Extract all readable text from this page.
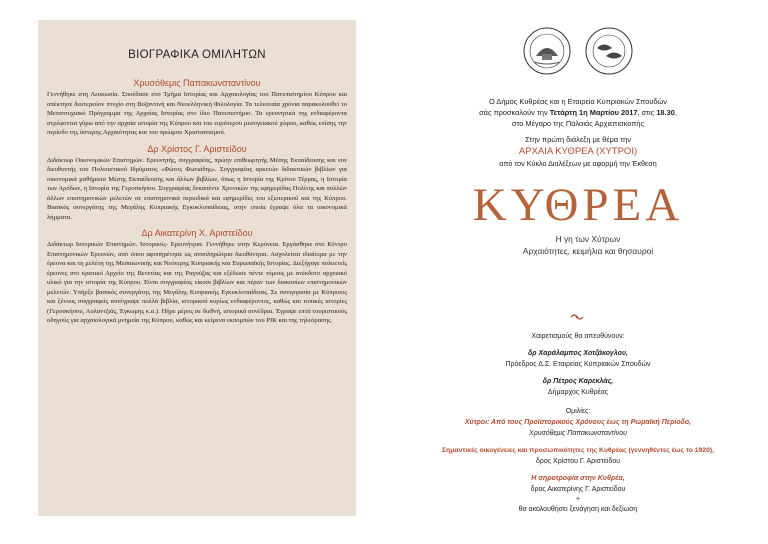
ΒΙΟΓΡΑΦΙΚΑ ΟΜΙΛΗΤΩΝ
Χρυσόθεμις Παπακωνσταντίνου
Γεννήθηκε στη Λευκωσία. Σπούδασε στο Τμήμα Ιστορίας και Αρχαιολογίας του Πανεπιστημίου Κύπρου και απέκτησε δευτερεύον πτυχίο στη Βυζαντινή και Νεοελληνική Φιλολογία. Τα τελευταία χρόνια παρακολουθεί το Μεταπτυχιακό Πρόγραμμα της Αρχαίας Ιστορίας στο ίδιο Πανεπιστήμιο. Τα ερευνητικά της ενδιαφέροντα στρέφονται γύρω από την αρχαία ιστορία της Κύπρου και του ευρύτερου μεσογειακού χώρου, καθώς επίσης την περίοδο της ύστερης Αρχαιότητας και του πρώιμου Χριστιανισμού.
Δρ Χρίστος Γ. Αριστείδου
Διδάκτωρ Οικονομικών Επιστημών. Ερευνητής, συγγραφέας, πρώην επιθεωρητής Μέσης Εκπαίδευσης και νυν διευθυντής του Πολιτιστικού Ιδρύματος «Φώτος Φωτιάδης». Συγγραφέας αρκετών διδακτικών βιβλίων για οικονομικά μαθήματα Μέσης Εκπαίδευσης και άλλων βιβλίων, όπως η Ιστορία της Κρίτου Τέρρας, η Ιστορία των Αρόδων, η Ιστορία της Γεροσκήπου. Συγγραφέας δεκαπέντε Χρονικών της εφημερίδας Πολίτης και πολλών άλλων επιστημονικών μελετών σε επιστημονικά περιοδικά και εφημερίδες του εξωτερικού και της Κύπρου. Βασικός συνεργάτης της Μεγάλης Κυπριακής Εγκυκλοπαίδειας, στην οποία έγραψε όλα τα οικονομικά λήμματα.
Δρ Αικατερίνη Χ. Αριστείδου
Διδάκτωρ Ιστορικών Επιστημών. Ιστορικός- Ερευνήτρια. Γεννήθηκε στην Κερύνεια. Εργάσθηκε στο Κέντρο Επιστημονικών Ερευνών, από όπου αφυπηρέτησε ως αναπληρώτρια διευθύντρια. Ασχολείται ιδιαίτερα με την έρευνα και τη μελέτη της Μεσαιωνικής και Νεότερης Κυπριακής και Ευρωπαϊκής Ιστορίας. Διεξήγαγε πολυετείς έρευνες στο κρατικό Αρχείο της Βενετίας και της Ραγούζας και εξέδωσε πέντε τόμους με ανέκδοτο αρχειακό υλικό για την ιστορία της Κύπρου. Είναι συγγραφέας είκοσι βιβλίων και πέραν των διακοσίων επιστημονικών μελετών. Υπήρξε βασικός συνεργάτης της Μεγάλης Κυπριακής Εγκυκλοπαίδειας. Σε συνεργασία με Κύπριους και ξένους συγγραφείς συνέγραψε πολλά βιβλία, ιστορικού κυρίως ενδιαφέροντος, καθώς και τοπικές ιστορίες (Γεροσκήπου, Αυλαντζιάς, Έγκωμης κ.α.). Πήρε μέρος σε διεθνή, ιστορικά συνέδρια. Έγραψε επτά τουριστικούς οδηγούς για αρχαιολογικά μνημεία της Κύπρου, καθώς και κείμενα εκπομπών του ΡΙΚ και της τηλεόρασης.
Ο Δήμος Κυθρέας και η Εταιρεία Κυπριακών Σπουδών
σάς προσκαλούν την Τετάρτη 1η Μαρτίου 2017, στις 18.30,
στο Μέγαρο της Παλαιάς Αρχιεπισκοπής
Στην πρώτη διάλεξη με θέμα την
ΑΡΧΑΙΑ ΚΥΘΡΕΑ (ΧΥΤΡΟΙ)
από τον Κύκλο Διαλέξεων με αφορμή την Έκθεση
ΚΥΘΡΕΑ
Η γη των Χύτρων
Αρχαιότητες, κειμήλια και θησαυροί
Χαιρετισμούς θα απευθύνουν:
δρ Χαράλαμπος Χοτζάκογλου,
Πρόεδρος Δ.Σ. Εταιρείας Κυπριακών Σπουδών
δρ Πέτρος Καρεκλάς,
Δήμαρχος Κυθρέας
Ομιλίες:
Χύτροι: Από τους Προϊστορικούς Χρόνους έως τη Ρωμαϊκή Περίοδο,
Χρυσόθεμις Παπακωνσταντίνου
Σημαντικές οικογένειες και προσωπικότητες της Κυθρέας (γεννηθέντες έως το 1920),
δρος Χρίστου Γ. Αριστείδου
Η σηροτροφία στην Κυθρέα,
δρος Αικατερίνης Γ. Αριστείδου
+
θα ακολουθήσει ξενάγηση και δεξίωση
